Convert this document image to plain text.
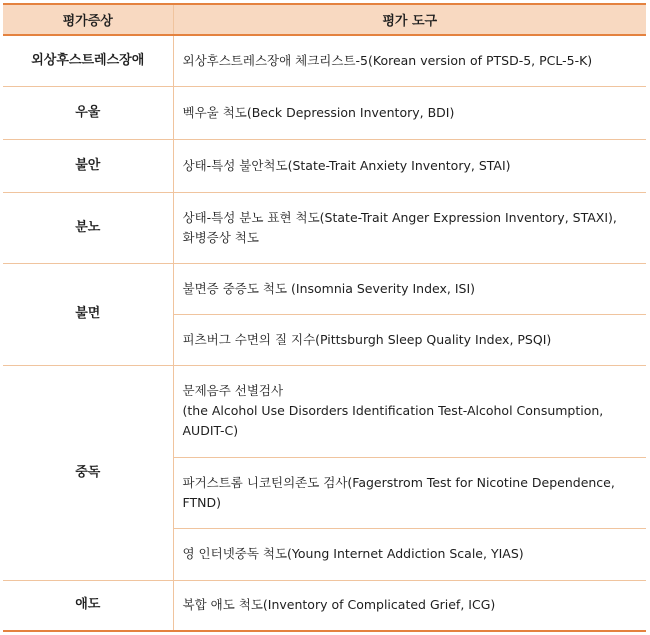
평가증상	평가 도구
외상후스트레스장애	외상후스트레스장애 체크리스트-5(Korean version of PTSD-5, PCL-5-K)
우울	벡우울 척도(Beck Depression Inventory, BDI)
불안	상태-특성 불안척도(State-Trait Anxiety Inventory, STAI)
분노	상태-특성 분노 표현 척도(State-Trait Anger Expression Inventory, STAXI),
화병증상 척도
불면	불면증 중증도 척도 (Insomnia Severity Index, ISI)
	피츠버그 수면의 질 지수(Pittsburgh Sleep Quality Index, PSQI)
중독	문제음주 선별검사
(the Alcohol Use Disorders Identification Test-Alcohol Consumption,
AUDIT-C)
	파거스트롬 니코틴의존도 검사(Fagerstrom Test for Nicotine Dependence,
FTND)
	영 인터넷중독 척도(Young Internet Addiction Scale, YIAS)
애도	복합 애도 척도(Inventory of Complicated Grief, ICG)
